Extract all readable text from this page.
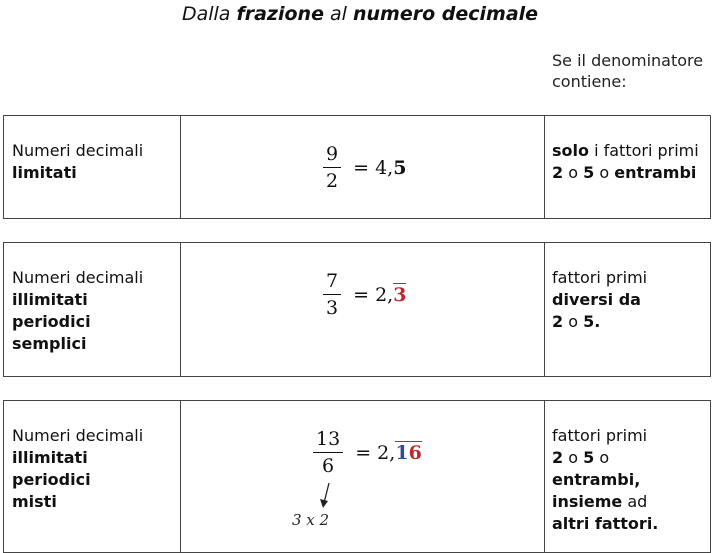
Dalla frazione al numero decimale
Se il denominatore contiene:
Numeri decimali
limitati	$\frac{9}{2} = 4$, 5
solo i fattori primi
2 o 5 o entrambi
Numeri decimali
illimitati
periodici
semplici
$\frac{7}{3} = 2$, 3
fattori primi
diversi da
2 o 5.
Numeri decimali
illimitati
periodici
misti
$\frac{13}{6} = 2$, 16
3 x 2
fattori primi
2 o 5 o
entrambi,
insieme ad
altri fattori.
